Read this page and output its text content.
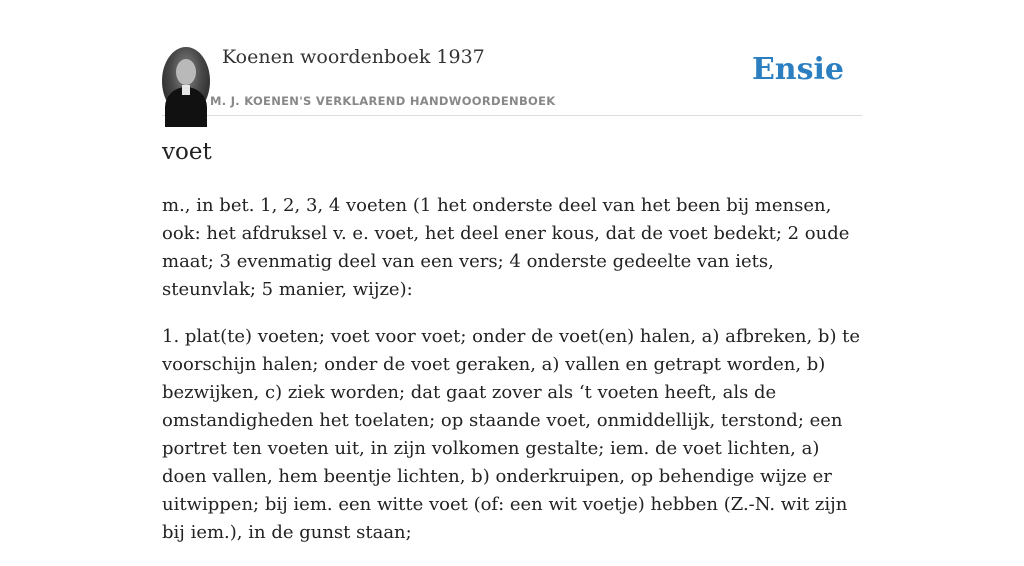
Koenen woordenboek 1937
M. J. KOENEN'S VERKLAREND HANDWOORDENBOEK
Ensie
voet

m., in bet. 1, 2, 3, 4 voeten (1 het onderste deel van het been bij mensen, ook: het afdruksel v. e. voet, het deel ener kous, dat de voet bedekt; 2 oude maat; 3 evenmatig deel van een vers; 4 onderste gedeelte van iets, steunvlak; 5 manier, wijze):

1. plat(te) voeten; voet voor voet; onder de voet(en) halen, a) afbreken, b) te voorschijn halen; onder de voet geraken, a) vallen en getrapt worden, b) bezwijken, c) ziek worden; dat gaat zover als ‘t voeten heeft, als de omstandigheden het toelaten; op staande voet, onmiddellijk, terstond; een portret ten voeten uit, in zijn volkomen gestalte; iem. de voet lichten, a) doen vallen, hem beentje lichten, b) onderkruipen, op behendige wijze er uitwippen; bij iem. een witte voet (of: een wit voetje) hebben (Z.-N. wit zijn bij iem.), in de gunst staan;
